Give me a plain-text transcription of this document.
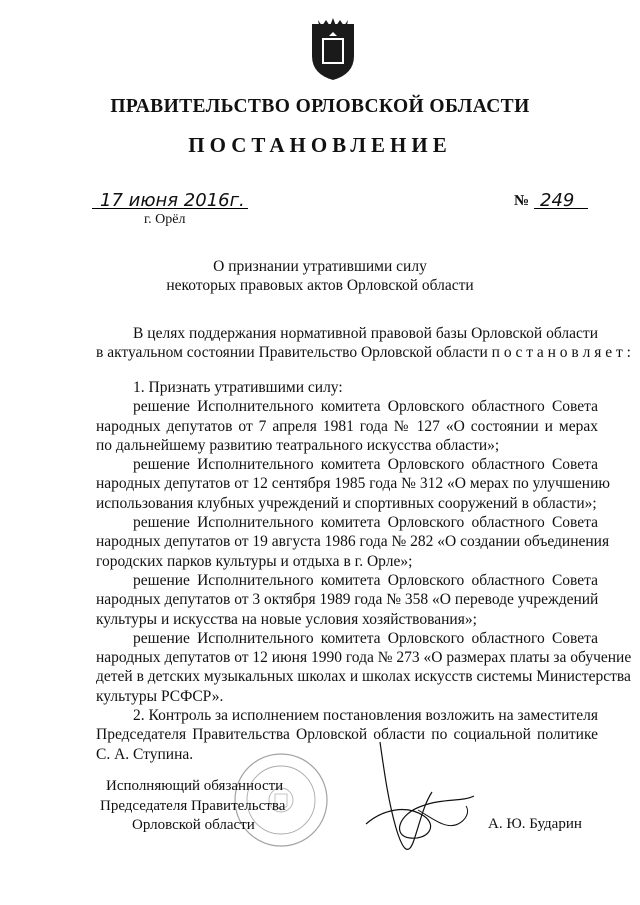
ПРАВИТЕЛЬСТВО ОРЛОВСКОЙ ОБЛАСТИ
ПОСТАНОВЛЕНИЕ
17 июня 2016г.
г. Орёл
№ 249
О признании утратившими силу
некоторых правовых актов Орловской области
В целях поддержания нормативной правовой базы Орловской области
в актуальном состоянии Правительство Орловской области п о с т а н о в л я е т :
1. Признать утратившими силу:
решение Исполнительного комитета Орловского областного Совета
народных депутатов от 7 апреля 1981 года № 127 «О состоянии и мерах
по дальнейшему развитию театрального искусства области»;
решение Исполнительного комитета Орловского областного Совета
народных депутатов от 12 сентября 1985 года № 312 «О мерах по улучшению
использования клубных учреждений и спортивных сооружений в области»;
решение Исполнительного комитета Орловского областного Совета
народных депутатов от 19 августа 1986 года № 282 «О создании объединения
городских парков культуры и отдыха в г. Орле»;
решение Исполнительного комитета Орловского областного Совета
народных депутатов от 3 октября 1989 года № 358 «О переводе учреждений
культуры и искусства на новые условия хозяйствования»;
решение Исполнительного комитета Орловского областного Совета
народных депутатов от 12 июня 1990 года № 273 «О размерах платы за обучение
детей в детских музыкальных школах и школах искусств системы Министерства
культуры РСФСР».
2. Контроль за исполнением постановления возложить на заместителя
Председателя Правительства Орловской области по социальной политике
С. А. Ступина.
Исполняющий обязанности
Председателя Правительства
Орловской области	А. Ю. Бударин
